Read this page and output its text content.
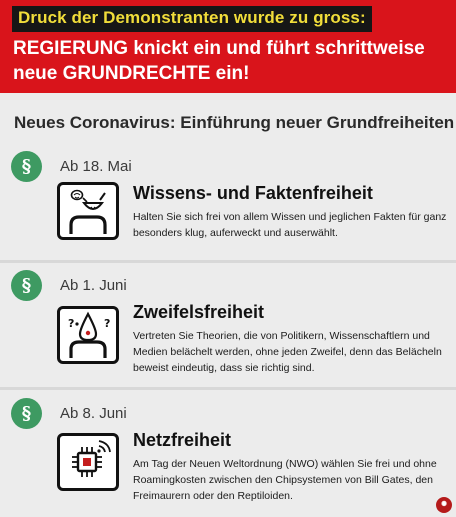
Druck der Demonstranten wurde zu gross:
REGIERUNG knickt ein und führt schrittweise neue GRUNDRECHTE ein!
Neues Coronavirus: Einführung neuer Grundfreiheiten
§	Ab 18. Mai
Wissens- und Faktenfreiheit
Halten Sie sich frei von allem Wissen und jeglichen Fakten für ganz besonders klug, auferweckt und auserwählt.
§	Ab 1. Juni
?	?
Zweifelsfreiheit
Vertreten Sie Theorien, die von Politikern, Wissenschaftlern und Medien belächelt werden, ohne jeden Zweifel, denn das Belächeln beweist eindeutig, dass sie richtig sind.
§	Ab 8. Juni
Netzfreiheit
Am Tag der Neuen Weltordnung (NWO) wählen Sie frei und ohne Roamingkosten zwischen den Chipsystemen von Bill Gates, den Freimaurern oder den Reptiloiden.
✺
